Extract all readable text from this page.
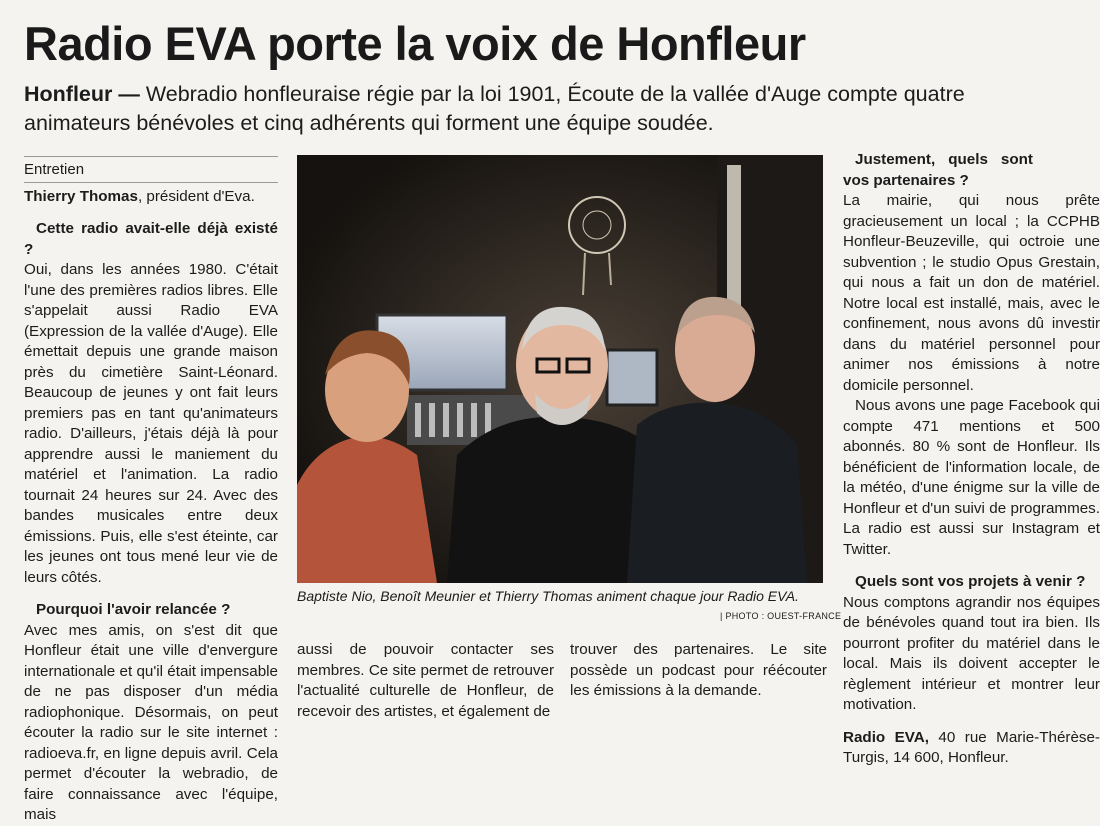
Radio EVA porte la voix de Honfleur

Honfleur — Webradio honfleuraise régie par la loi 1901, Écoute de la vallée d'Auge compte quatre animateurs bénévoles et cinq adhérents qui forment une équipe soudée.

Entretien

Thierry Thomas, président d'Eva.

Cette radio avait-elle déjà existé ?

Oui, dans les années 1980. C'était l'une des premières radios libres. Elle s'appelait aussi Radio EVA (Expression de la vallée d'Auge). Elle émettait depuis une grande maison près du cimetière Saint-Léonard. Beaucoup de jeunes y ont fait leurs premiers pas en tant qu'animateurs radio. D'ailleurs, j'étais déjà là pour apprendre aussi le maniement du matériel et l'animation. La radio tournait 24 heures sur 24. Avec des bandes musicales entre deux émissions. Puis, elle s'est éteinte, car les jeunes ont tous mené leur vie de leurs côtés.

Pourquoi l'avoir relancée ?

Avec mes amis, on s'est dit que Honfleur était une ville d'envergure internationale et qu'il était impensable de ne pas disposer d'un média radiophonique. Désormais, on peut écouter la radio sur le site internet : radioeva.fr, en ligne depuis avril. Cela permet d'écouter la webradio, de faire connaissance avec l'équipe, mais

Baptiste Nio, Benoît Meunier et Thierry Thomas animent chaque jour Radio EVA.
| PHOTO : OUEST-FRANCE

aussi de pouvoir contacter ses membres. Ce site permet de retrouver l'actualité culturelle de Honfleur, de recevoir des artistes, et également de

trouver des partenaires. Le site possède un podcast pour réécouter les émissions à la demande.

Justement, quels sont vos partenaires ?

La mairie, qui nous prête gracieusement un local ; la CCPHB Honfleur-Beuzeville, qui octroie une subvention ; le studio Opus Grestain, qui nous a fait un don de matériel. Notre local est installé, mais, avec le confinement, nous avons dû investir dans du matériel personnel pour animer nos émissions à notre domicile personnel.

Nous avons une page Facebook qui compte 471 mentions et 500 abonnés. 80 % sont de Honfleur. Ils bénéficient de l'information locale, de la météo, d'une énigme sur la ville de Honfleur et d'un suivi de programmes. La radio est aussi sur Instagram et Twitter.

Quels sont vos projets à venir ?

Nous comptons agrandir nos équipes de bénévoles quand tout ira bien. Ils pourront profiter du matériel dans le local. Mais ils doivent accepter le règlement intérieur et montrer leur motivation.

Radio EVA, 40 rue Marie-Thérèse-Turgis, 14 600, Honfleur.
